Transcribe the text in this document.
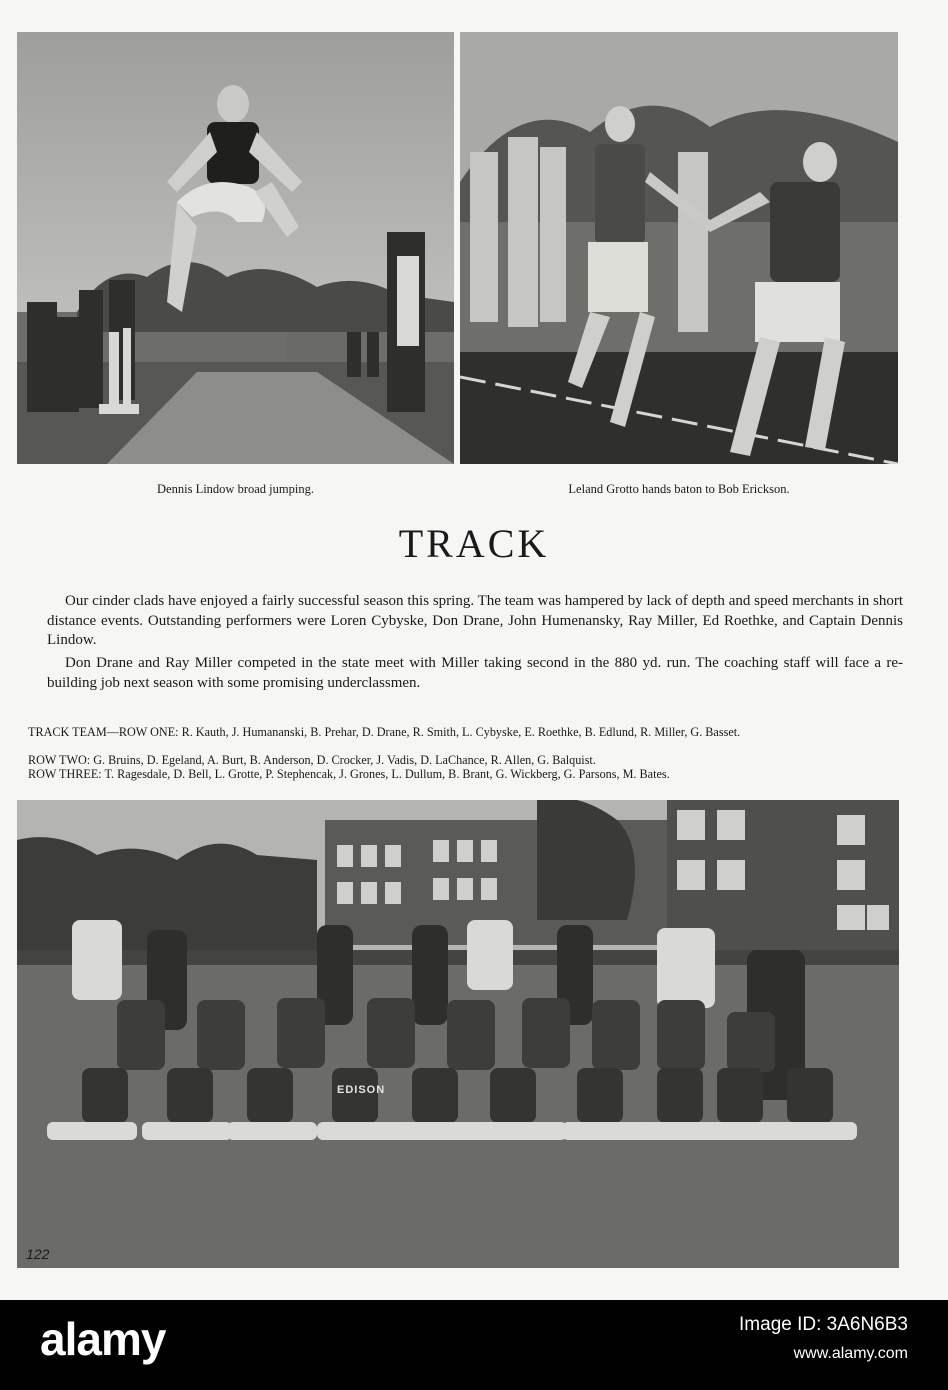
Dennis Lindow broad jumping.	Leland Grotto hands baton to Bob Erickson.
TRACK

Our cinder clads have enjoyed a fairly successful season this spring. The team was hampered by lack of depth and speed merchants in short distance events. Outstanding performers were Loren Cybyske, Don Drane, John Humenansky, Ray Miller, Ed Roethke, and Captain Dennis Lindow.

Don Drane and Ray Miller competed in the state meet with Miller taking second in the 880 yd. run. The coaching staff will face a re-building job next season with some promising underclassmen.

TRACK TEAM—ROW ONE: R. Kauth, J. Humananski, B. Prehar, D. Drane, R. Smith, L. Cybyske, E. Roethke, B. Edlund, R. Miller, G. Basset.

ROW TWO: G. Bruins, D. Egeland, A. Burt, B. Anderson, D. Crocker, J. Vadis, D. LaChance, R. Allen, G. Balquist.

ROW THREE: T. Ragesdale, D. Bell, L. Grotte, P. Stephencak, J. Grones, L. Dullum, B. Brant, G. Wickberg, G. Parsons, M. Bates.

EDISON
122
alamy	Image ID: 3A6N6B3
www.alamy.com
